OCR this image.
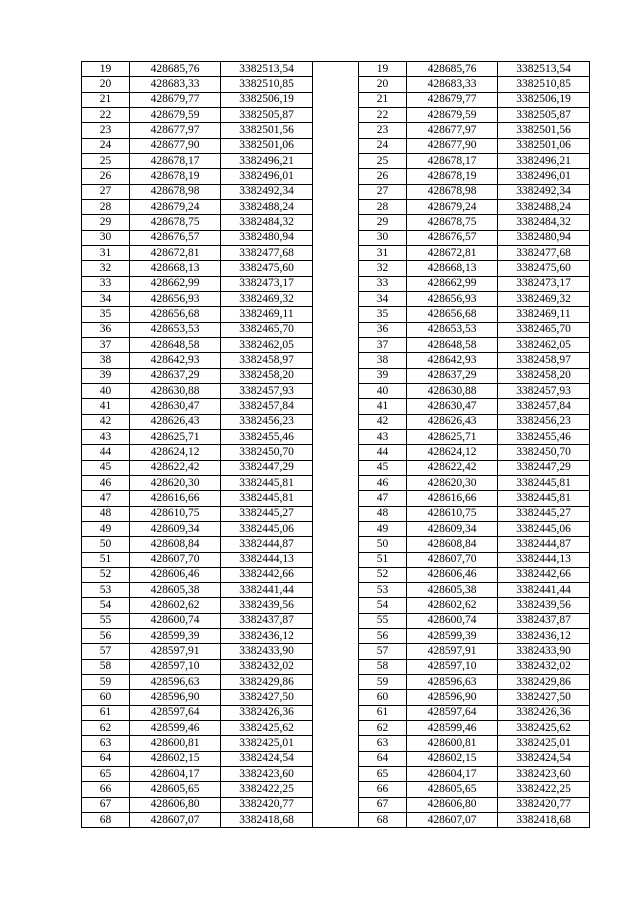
19	428685,76	3382513,54		19	428685,76	3382513,54
20	428683,33	3382510,85		20	428683,33	3382510,85
21	428679,77	3382506,19		21	428679,77	3382506,19
22	428679,59	3382505,87		22	428679,59	3382505,87
23	428677,97	3382501,56		23	428677,97	3382501,56
24	428677,90	3382501,06		24	428677,90	3382501,06
25	428678,17	3382496,21		25	428678,17	3382496,21
26	428678,19	3382496,01		26	428678,19	3382496,01
27	428678,98	3382492,34		27	428678,98	3382492,34
28	428679,24	3382488,24		28	428679,24	3382488,24
29	428678,75	3382484,32		29	428678,75	3382484,32
30	428676,57	3382480,94		30	428676,57	3382480,94
31	428672,81	3382477,68		31	428672,81	3382477,68
32	428668,13	3382475,60		32	428668,13	3382475,60
33	428662,99	3382473,17		33	428662,99	3382473,17
34	428656,93	3382469,32		34	428656,93	3382469,32
35	428656,68	3382469,11		35	428656,68	3382469,11
36	428653,53	3382465,70		36	428653,53	3382465,70
37	428648,58	3382462,05		37	428648,58	3382462,05
38	428642,93	3382458,97		38	428642,93	3382458,97
39	428637,29	3382458,20		39	428637,29	3382458,20
40	428630,88	3382457,93		40	428630,88	3382457,93
41	428630,47	3382457,84		41	428630,47	3382457,84
42	428626,43	3382456,23		42	428626,43	3382456,23
43	428625,71	3382455,46		43	428625,71	3382455,46
44	428624,12	3382450,70		44	428624,12	3382450,70
45	428622,42	3382447,29		45	428622,42	3382447,29
46	428620,30	3382445,81		46	428620,30	3382445,81
47	428616,66	3382445,81		47	428616,66	3382445,81
48	428610,75	3382445,27		48	428610,75	3382445,27
49	428609,34	3382445,06		49	428609,34	3382445,06
50	428608,84	3382444,87		50	428608,84	3382444,87
51	428607,70	3382444,13		51	428607,70	3382444,13
52	428606,46	3382442,66		52	428606,46	3382442,66
53	428605,38	3382441,44		53	428605,38	3382441,44
54	428602,62	3382439,56		54	428602,62	3382439,56
55	428600,74	3382437,87		55	428600,74	3382437,87
56	428599,39	3382436,12		56	428599,39	3382436,12
57	428597,91	3382433,90		57	428597,91	3382433,90
58	428597,10	3382432,02		58	428597,10	3382432,02
59	428596,63	3382429,86		59	428596,63	3382429,86
60	428596,90	3382427,50		60	428596,90	3382427,50
61	428597,64	3382426,36		61	428597,64	3382426,36
62	428599,46	3382425,62		62	428599,46	3382425,62
63	428600,81	3382425,01		63	428600,81	3382425,01
64	428602,15	3382424,54		64	428602,15	3382424,54
65	428604,17	3382423,60		65	428604,17	3382423,60
66	428605,65	3382422,25		66	428605,65	3382422,25
67	428606,80	3382420,77		67	428606,80	3382420,77
68	428607,07	3382418,68		68	428607,07	3382418,68
